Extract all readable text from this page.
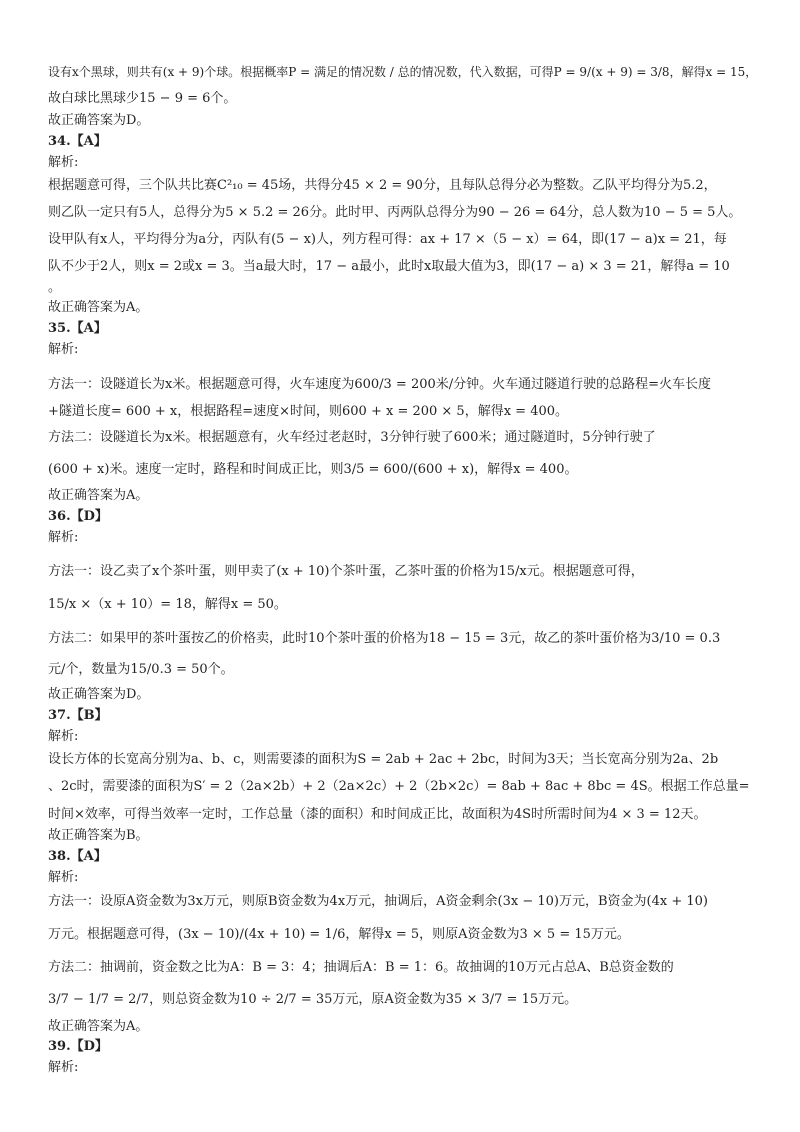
设有x个黑球，则共有(x + 9)个球。根据概率P = 满足的情况数 / 总的情况数，代入数据，可得P = 9/(x + 9) = 3/8，解得x = 15，
故白球比黑球少15 − 9 = 6个。
故正确答案为D。
34.【A】
解析:
根据题意可得，三个队共比赛C²₁₀ = 45场，共得分45 × 2 = 90分，且每队总得分必为整数。乙队平均得分为5.2，
则乙队一定只有5人，总得分为5 × 5.2 = 26分。此时甲、丙两队总得分为90 − 26 = 64分，总人数为10 − 5 = 5人。
设甲队有x人，平均得分为a分，丙队有(5 − x)人，列方程可得：ax + 17 ×（5 − x）= 64，即(17 − a)x = 21，每
队不少于2人，则x = 2或x = 3。当a最大时，17 − a最小，此时x取最大值为3，即(17 − a) × 3 = 21，解得a = 10
。
故正确答案为A。
35.【A】
解析:
方法一：设隧道长为x米。根据题意可得，火车速度为600/3 = 200米/分钟。火车通过隧道行驶的总路程=火车长度
+隧道长度= 600 + x，根据路程=速度×时间，则600 + x = 200 × 5，解得x = 400。
方法二：设隧道长为x米。根据题意有，火车经过老赵时，3分钟行驶了600米；通过隧道时，5分钟行驶了
(600 + x)米。速度一定时，路程和时间成正比，则3/5 = 600/(600 + x)，解得x = 400。
故正确答案为A。
36.【D】
解析:
方法一：设乙卖了x个茶叶蛋，则甲卖了(x + 10)个茶叶蛋，乙茶叶蛋的价格为15/x元。根据题意可得，
15/x ×（x + 10）= 18，解得x = 50。
方法二：如果甲的茶叶蛋按乙的价格卖，此时10个茶叶蛋的价格为18 − 15 = 3元，故乙的茶叶蛋价格为3/10 = 0.3
元/个，数量为15/0.3 = 50个。
故正确答案为D。
37.【B】
解析:
设长方体的长宽高分别为a、b、c，则需要漆的面积为S = 2ab + 2ac + 2bc，时间为3天；当长宽高分别为2a、2b
、2c时，需要漆的面积为S′ = 2（2a×2b）+ 2（2a×2c）+ 2（2b×2c）= 8ab + 8ac + 8bc = 4S。根据工作总量=
时间×效率，可得当效率一定时，工作总量（漆的面积）和时间成正比，故面积为4S时所需时间为4 × 3 = 12天。
故正确答案为B。
38.【A】
解析:
方法一：设原A资金数为3x万元，则原B资金数为4x万元，抽调后，A资金剩余(3x − 10)万元，B资金为(4x + 10)
万元。根据题意可得，(3x − 10)/(4x + 10) = 1/6，解得x = 5，则原A资金数为3 × 5 = 15万元。
方法二：抽调前，资金数之比为A：B = 3：4；抽调后A：B = 1：6。故抽调的10万元占总A、B总资金数的
3/7 − 1/7 = 2/7，则总资金数为10 ÷ 2/7 = 35万元，原A资金数为35 × 3/7 = 15万元。
故正确答案为A。
39.【D】
解析:
